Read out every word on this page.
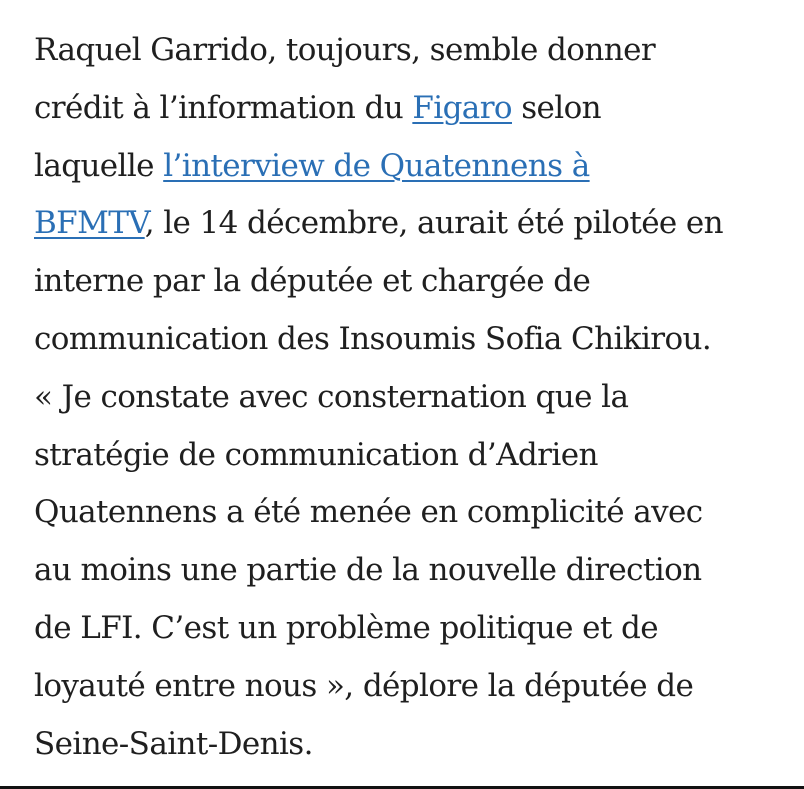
Raquel Garrido, toujours, semble donner
crédit à l’information du Figaro selon
laquelle l’interview de Quatennens à
BFMTV, le 14 décembre, aurait été pilotée en
interne par la députée et chargée de
communication des Insoumis Sofia Chikirou.
« Je constate avec consternation que la
stratégie de communication d’Adrien
Quatennens a été menée en complicité avec
au moins une partie de la nouvelle direction
de LFI. C’est un problème politique et de
loyauté entre nous », déplore la députée de
Seine-Saint-Denis.
